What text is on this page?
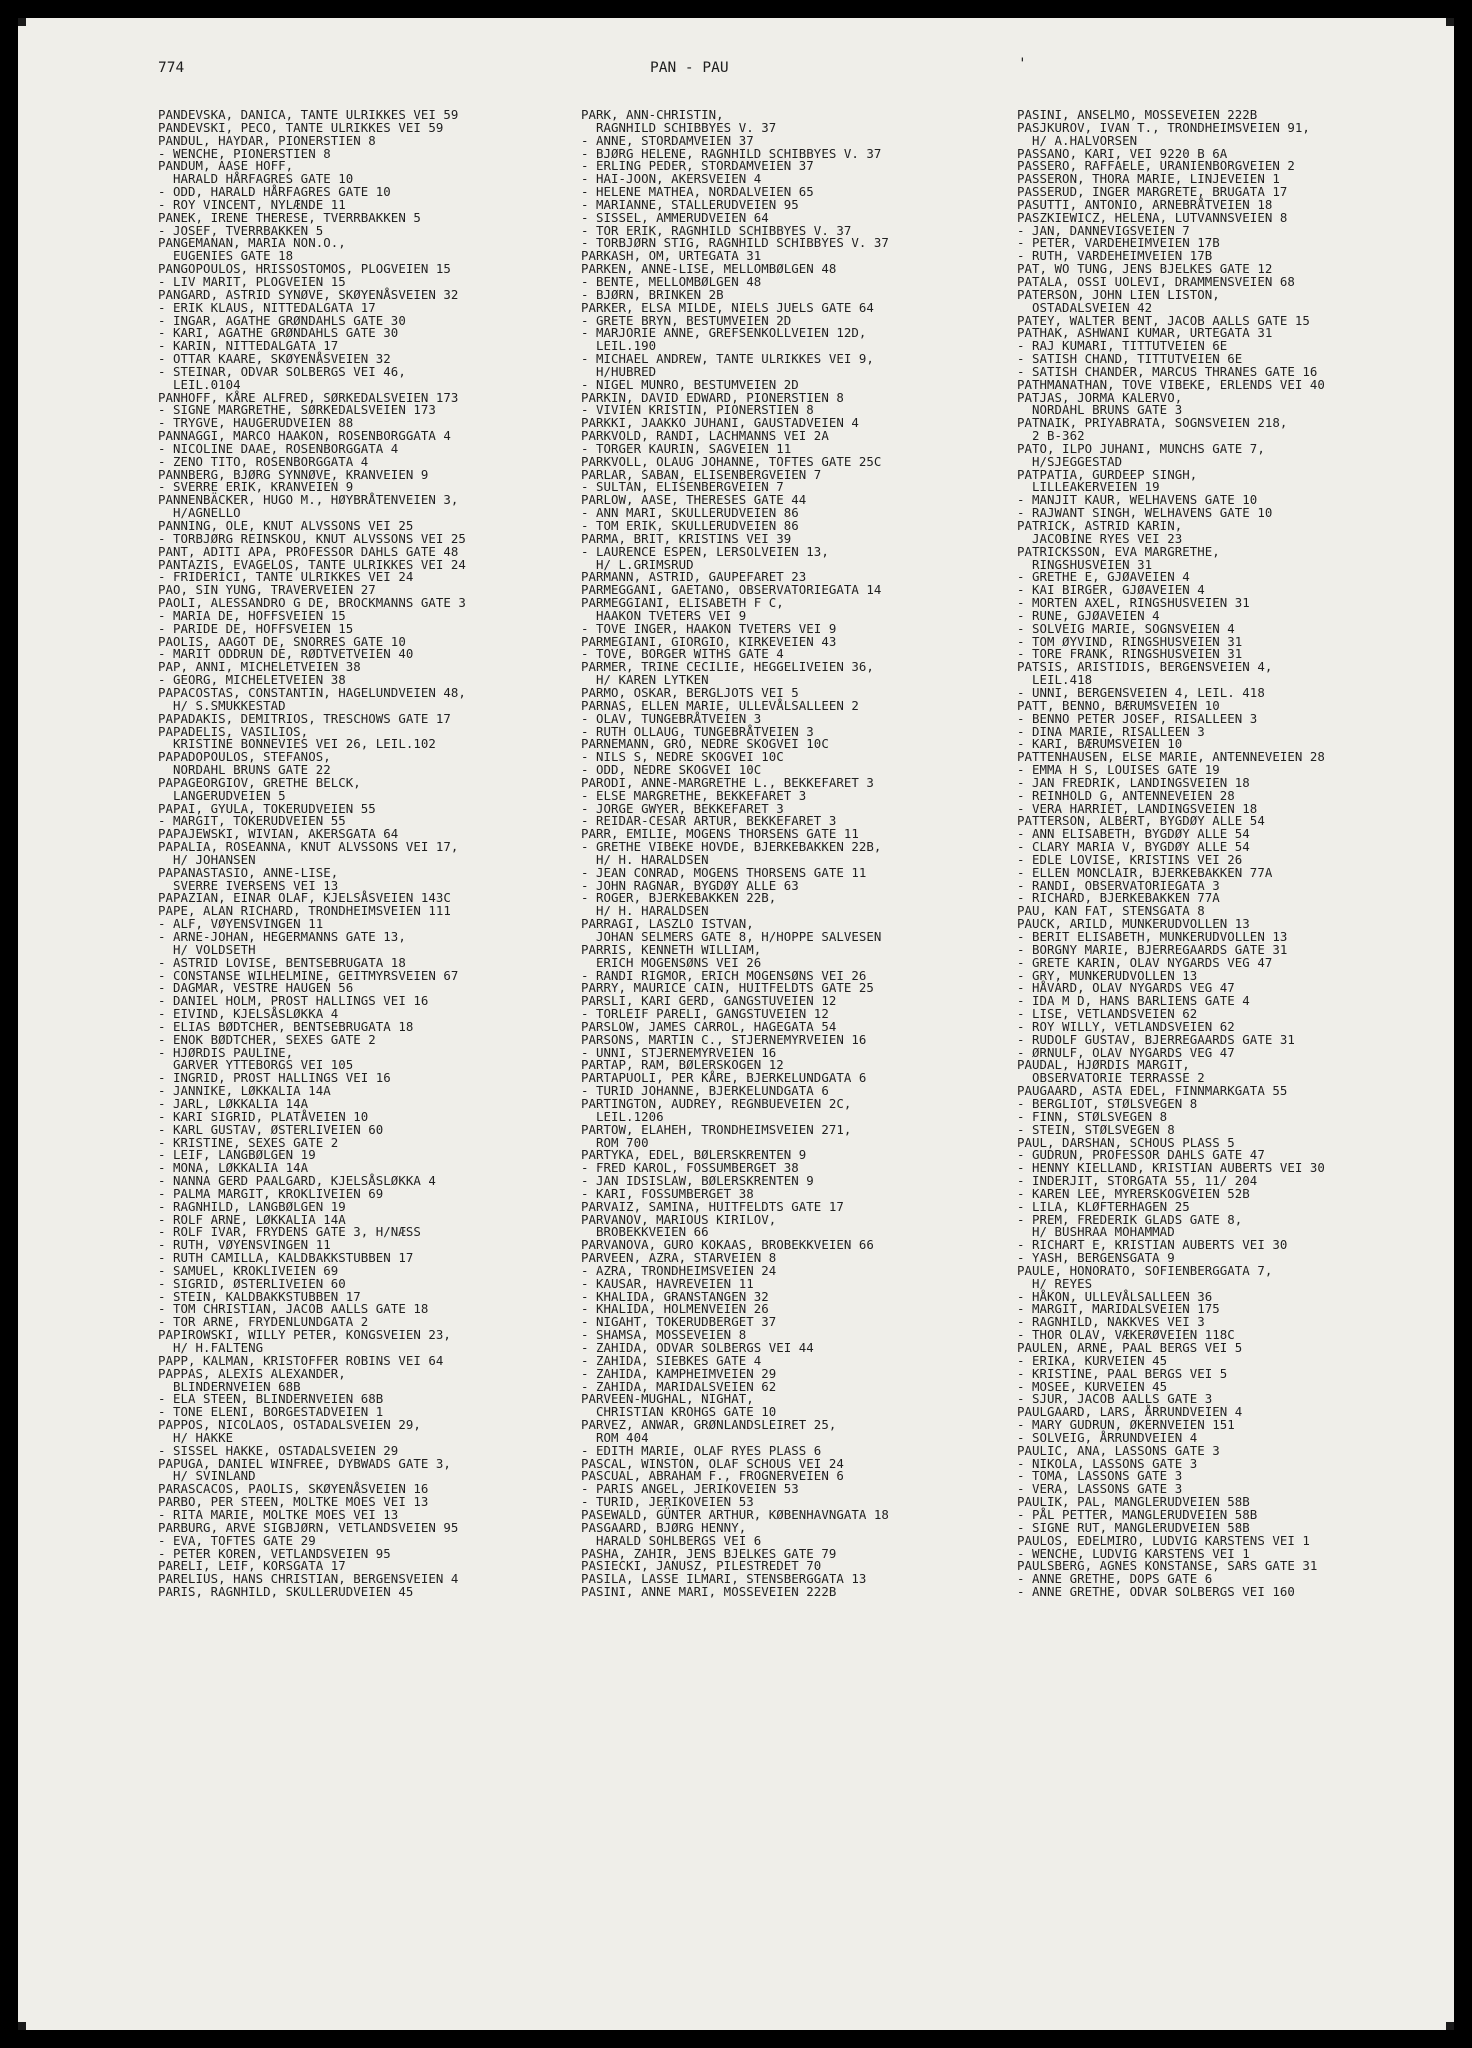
774	PAN - PAU	'
PANDEVSKA, DANICA, TANTE ULRIKKES VEI 59
PANDEVSKI, PECO, TANTE ULRIKKES VEI 59
PANDUL, HAYDAR, PIONERSTIEN 8
- WENCHE, PIONERSTIEN 8
PANDUM, AASE HOFF,
HARALD HÅRFAGRES GATE 10
- ODD, HARALD HÅRFAGRES GATE 10
- ROY VINCENT, NYLÆNDE 11
PANEK, IRENE THERESE, TVERRBAKKEN 5
- JOSEF, TVERRBAKKEN 5
PANGEMANAN, MARIA NON.O.,
EUGENIES GATE 18
PANGOPOULOS, HRISSOSTOMOS, PLOGVEIEN 15
- LIV MARIT, PLOGVEIEN 15
PANGARD, ASTRID SYNØVE, SKØYENÅSVEIEN 32
- ERIK KLAUS, NITTEDALGATA 17
- INGAR, AGATHE GRØNDAHLS GATE 30
- KARI, AGATHE GRØNDAHLS GATE 30
- KARIN, NITTEDALGATA 17
- OTTAR KAARE, SKØYENÅSVEIEN 32
- STEINAR, ODVAR SOLBERGS VEI 46,
LEIL.0104
PANHOFF, KÅRE ALFRED, SØRKEDALSVEIEN 173
- SIGNE MARGRETHE, SØRKEDALSVEIEN 173
- TRYGVE, HAUGERUDVEIEN 88
PANNAGGI, MARCO HAAKON, ROSENBORGGATA 4
- NICOLINE DAAE, ROSENBORGGATA 4
- ZENO TITO, ROSENBORGGATA 4
PANNBERG, BJØRG SYNNØVE, KRANVEIEN 9
- SVERRE ERIK, KRANVEIEN 9
PANNENBÄCKER, HUGO M., HØYBRÅTENVEIEN 3,
H/AGNELLO
PANNING, OLE, KNUT ALVSSONS VEI 25
- TORBJØRG REINSKOU, KNUT ALVSSONS VEI 25
PANT, ADITI APA, PROFESSOR DAHLS GATE 48
PANTAZIS, EVAGELOS, TANTE ULRIKKES VEI 24
- FRIDERICI, TANTE ULRIKKES VEI 24
PAO, SIN YUNG, TRAVERVEIEN 27
PAOLI, ALESSANDRO G DE, BROCKMANNS GATE 3
- MARIA DE, HOFFSVEIEN 15
- PARIDE DE, HOFFSVEIEN 15
PAOLIS, AAGOT DE, SNORRES GATE 10
- MARIT ODDRUN DE, RØDTVETVEIEN 40
PAP, ANNI, MICHELETVEIEN 38
- GEORG, MICHELETVEIEN 38
PAPACOSTAS, CONSTANTIN, HAGELUNDVEIEN 48,
H/ S.SMUKKESTAD
PAPADAKIS, DEMITRIOS, TRESCHOWS GATE 17
PAPADELIS, VASILIOS,
KRISTINE BONNEVIES VEI 26, LEIL.102
PAPADOPOULOS, STEFANOS,
NORDAHL BRUNS GATE 22
PAPAGEORGIOV, GRETHE BELCK,
LANGERUDVEIEN 5
PAPAI, GYULA, TOKERUDVEIEN 55
- MARGIT, TOKERUDVEIEN 55
PAPAJEWSKI, WIVIAN, AKERSGATA 64
PAPALIA, ROSEANNA, KNUT ALVSSONS VEI 17,
H/ JOHANSEN
PAPANASTASIO, ANNE-LISE,
SVERRE IVERSENS VEI 13
PAPAZIAN, EINAR OLAF, KJELSÅSVEIEN 143C
PAPE, ALAN RICHARD, TRONDHEIMSVEIEN 111
- ALF, VØYENSVINGEN 11
- ARNE-JOHAN, HEGERMANNS GATE 13,
H/ VOLDSETH
- ASTRID LOVISE, BENTSEBRUGATA 18
- CONSTANSE WILHELMINE, GEITMYRSVEIEN 67
- DAGMAR, VESTRE HAUGEN 56
- DANIEL HOLM, PROST HALLINGS VEI 16
- EIVIND, KJELSÅSLØKKA 4
- ELIAS BØDTCHER, BENTSEBRUGATA 18
- ENOK BØDTCHER, SEXES GATE 2
- HJØRDIS PAULINE,
GARVER YTTEBORGS VEI 105
- INGRID, PROST HALLINGS VEI 16
- JANNIKE, LØKKALIA 14A
- JARL, LØKKALIA 14A
- KARI SIGRID, PLATÅVEIEN 10
- KARL GUSTAV, ØSTERLIVEIEN 60
- KRISTINE, SEXES GATE 2
- LEIF, LANGBØLGEN 19
- MONA, LØKKALIA 14A
- NANNA GERD PAALGARD, KJELSÅSLØKKA 4
- PALMA MARGIT, KROKLIVEIEN 69
- RAGNHILD, LANGBØLGEN 19
- ROLF ARNE, LØKKALIA 14A
- ROLF IVAR, FRYDENS GATE 3, H/NÆSS
- RUTH, VØYENSVINGEN 11
- RUTH CAMILLA, KALDBAKKSTUBBEN 17
- SAMUEL, KROKLIVEIEN 69
- SIGRID, ØSTERLIVEIEN 60
- STEIN, KALDBAKKSTUBBEN 17
- TOM CHRISTIAN, JACOB AALLS GATE 18
- TOR ARNE, FRYDENLUNDGATA 2
PAPIROWSKI, WILLY PETER, KONGSVEIEN 23,
H/ H.FALTENG
PAPP, KALMAN, KRISTOFFER ROBINS VEI 64
PAPPAS, ALEXIS ALEXANDER,
BLINDERNVEIEN 68B
- ELA STEEN, BLINDERNVEIEN 68B
- TONE ELENI, BORGESTADVEIEN 1
PAPPOS, NICOLAOS, OSTADALSVEIEN 29,
H/ HAKKE
- SISSEL HAKKE, OSTADALSVEIEN 29
PAPUGA, DANIEL WINFREE, DYBWADS GATE 3,
H/ SVINLAND
PARASCACOS, PAOLIS, SKØYENÅSVEIEN 16
PARBO, PER STEEN, MOLTKE MOES VEI 13
- RITA MARIE, MOLTKE MOES VEI 13
PARBURG, ARVE SIGBJØRN, VETLANDSVEIEN 95
- EVA, TOFTES GATE 29
- PETER KOREN, VETLANDSVEIEN 95
PARELI, LEIF, KORSGATA 17
PARELIUS, HANS CHRISTIAN, BERGENSVEIEN 4
PARIS, RAGNHILD, SKULLERUDVEIEN 45
PARK, ANN-CHRISTIN,
RAGNHILD SCHIBBYES V. 37
- ANNE, STORDAMVEIEN 37
- BJØRG HELENE, RAGNHILD SCHIBBYES V. 37
- ERLING PEDER, STORDAMVEIEN 37
- HAI-JOON, AKERSVEIEN 4
- HELENE MATHEA, NORDALVEIEN 65
- MARIANNE, STALLERUDVEIEN 95
- SISSEL, AMMERUDVEIEN 64
- TOR ERIK, RAGNHILD SCHIBBYES V. 37
- TORBJØRN STIG, RAGNHILD SCHIBBYES V. 37
PARKASH, OM, URTEGATA 31
PARKEN, ANNE-LISE, MELLOMBØLGEN 48
- BENTE, MELLOMBØLGEN 48
- BJØRN, BRINKEN 2B
PARKER, ELSA MILDE, NIELS JUELS GATE 64
- GRETE BRYN, BESTUMVEIEN 2D
- MARJORIE ANNE, GREFSENKOLLVEIEN 12D,
LEIL.190
- MICHAEL ANDREW, TANTE ULRIKKES VEI 9,
H/HUBRED
- NIGEL MUNRO, BESTUMVEIEN 2D
PARKIN, DAVID EDWARD, PIONERSTIEN 8
- VIVIEN KRISTIN, PIONERSTIEN 8
PARKKI, JAAKKO JUHANI, GAUSTADVEIEN 4
PARKVOLD, RANDI, LACHMANNS VEI 2A
- TORGER KAURIN, SAGVEIEN 11
PARKVOLL, OLAUG JOHANNE, TOFTES GATE 25C
PARLAR, SABAN, ELISENBERGVEIEN 7
- SULTAN, ELISENBERGVEIEN 7
PARLOW, AASE, THERESES GATE 44
- ANN MARI, SKULLERUDVEIEN 86
- TOM ERIK, SKULLERUDVEIEN 86
PARMA, BRIT, KRISTINS VEI 39
- LAURENCE ESPEN, LERSOLVEIEN 13,
H/ L.GRIMSRUD
PARMANN, ASTRID, GAUPEFARET 23
PARMEGGANI, GAETANO, OBSERVATORIEGATA 14
PARMEGGIANI, ELISABETH F C,
HAAKON TVETERS VEI 9
- TOVE INGER, HAAKON TVETERS VEI 9
PARMEGIANI, GIORGIO, KIRKEVEIEN 43
- TOVE, BORGER WITHS GATE 4
PARMER, TRINE CECILIE, HEGGELIVEIEN 36,
H/ KAREN LYTKEN
PARMO, OSKAR, BERGLJOTS VEI 5
PARNAS, ELLEN MARIE, ULLEVÅLSALLEEN 2
- OLAV, TUNGEBRÅTVEIEN 3
- RUTH OLLAUG, TUNGEBRÅTVEIEN 3
PARNEMANN, GRO, NEDRE SKOGVEI 10C
- NILS S, NEDRE SKOGVEI 10C
- ODD, NEDRE SKOGVEI 10C
PARODI, ANNE-MARGRETHE L., BEKKEFARET 3
- ELSE MARGRETHE, BEKKEFARET 3
- JORGE GWYER, BEKKEFARET 3
- REIDAR-CESAR ARTUR, BEKKEFARET 3
PARR, EMILIE, MOGENS THORSENS GATE 11
- GRETHE VIBEKE HOVDE, BJERKEBAKKEN 22B,
H/ H. HARALDSEN
- JEAN CONRAD, MOGENS THORSENS GATE 11
- JOHN RAGNAR, BYGDØY ALLE 63
- ROGER, BJERKEBAKKEN 22B,
H/ H. HARALDSEN
PARRAGI, LASZLO ISTVAN,
JOHAN SELMERS GATE 8, H/HOPPE SALVESEN
PARRIS, KENNETH WILLIAM,
ERICH MOGENSØNS VEI 26
- RANDI RIGMOR, ERICH MOGENSØNS VEI 26
PARRY, MAURICE CAIN, HUITFELDTS GATE 25
PARSLI, KARI GERD, GANGSTUVEIEN 12
- TORLEIF PARELI, GANGSTUVEIEN 12
PARSLOW, JAMES CARROL, HAGEGATA 54
PARSONS, MARTIN C., STJERNEMYRVEIEN 16
- UNNI, STJERNEMYRVEIEN 16
PARTAP, RAM, BØLERSKOGEN 12
PARTAPUOLI, PER KÅRE, BJERKELUNDGATA 6
- TURID JOHANNE, BJERKELUNDGATA 6
PARTINGTON, AUDREY, REGNBUEVEIEN 2C,
LEIL.1206
PARTOW, ELAHEH, TRONDHEIMSVEIEN 271,
ROM 700
PARTYKA, EDEL, BØLERSKRENTEN 9
- FRED KAROL, FOSSUMBERGET 38
- JAN IDSISLAW, BØLERSKRENTEN 9
- KARI, FOSSUMBERGET 38
PARVAIZ, SAMINA, HUITFELDTS GATE 17
PARVANOV, MARIOUS KIRILOV,
BROBEKKVEIEN 66
PARVANOVA, GURO KOKAAS, BROBEKKVEIEN 66
PARVEEN, AZRA, STARVEIEN 8
- AZRA, TRONDHEIMSVEIEN 24
- KAUSAR, HAVREVEIEN 11
- KHALIDA, GRANSTANGEN 32
- KHALIDA, HOLMENVEIEN 26
- NIGAHT, TOKERUDBERGET 37
- SHAMSA, MOSSEVEIEN 8
- ZAHIDA, ODVAR SOLBERGS VEI 44
- ZAHIDA, SIEBKES GATE 4
- ZAHIDA, KAMPHEIMVEIEN 29
- ZAHIDA, MARIDALSVEIEN 62
PARVEEN-MUGHAL, NIGHAT,
CHRISTIAN KROHGS GATE 10
PARVEZ, ANWAR, GRØNLANDSLEIRET 25,
ROM 404
- EDITH MARIE, OLAF RYES PLASS 6
PASCAL, WINSTON, OLAF SCHOUS VEI 24
PASCUAL, ABRAHAM F., FROGNERVEIEN 6
- PARIS ANGEL, JERIKOVEIEN 53
- TURID, JERIKOVEIEN 53
PASEWALD, GÜNTER ARTHUR, KØBENHAVNGATA 18
PASGAARD, BJØRG HENNY,
HARALD SOHLBERGS VEI 6
PASHA, ZAHIR, JENS BJELKES GATE 79
PASIECKI, JANUSZ, PILESTREDET 70
PASILA, LASSE ILMARI, STENSBERGGATA 13
PASINI, ANNE MARI, MOSSEVEIEN 222B
PASINI, ANSELMO, MOSSEVEIEN 222B
PASJKUROV, IVAN T., TRONDHEIMSVEIEN 91,
H/ A.HALVORSEN
PASSANO, KARI, VEI 9220 B 6A
PASSERO, RAFFAELE, URANIENBORGVEIEN 2
PASSERON, THORA MARIE, LINJEVEIEN 1
PASSERUD, INGER MARGRETE, BRUGATA 17
PASUTTI, ANTONIO, ARNEBRÅTVEIEN 18
PASZKIEWICZ, HELENA, LUTVANNSVEIEN 8
- JAN, DANNEVIGSVEIEN 7
- PETER, VARDEHEIMVEIEN 17B
- RUTH, VARDEHEIMVEIEN 17B
PAT, WO TUNG, JENS BJELKES GATE 12
PATALA, OSSI UOLEVI, DRAMMENSVEIEN 68
PATERSON, JOHN LIEN LISTON,
OSTADALSVEIEN 42
PATEY, WALTER BENT, JACOB AALLS GATE 15
PATHAK, ASHWANI KUMAR, URTEGATA 31
- RAJ KUMARI, TITTUTVEIEN 6E
- SATISH CHAND, TITTUTVEIEN 6E
- SATISH CHANDER, MARCUS THRANES GATE 16
PATHMANATHAN, TOVE VIBEKE, ERLENDS VEI 40
PATJAS, JORMA KALERVO,
NORDAHL BRUNS GATE 3
PATNAIK, PRIYABRATA, SOGNSVEIEN 218,
2 B-362
PATO, ILPO JUHANI, MUNCHS GATE 7,
H/SJEGGESTAD
PATPATIA, GURDEEP SINGH,
LILLEAKERVEIEN 19
- MANJIT KAUR, WELHAVENS GATE 10
- RAJWANT SINGH, WELHAVENS GATE 10
PATRICK, ASTRID KARIN,
JACOBINE RYES VEI 23
PATRICKSSON, EVA MARGRETHE,
RINGSHUSVEIEN 31
- GRETHE E, GJØAVEIEN 4
- KAI BIRGER, GJØAVEIEN 4
- MORTEN AXEL, RINGSHUSVEIEN 31
- RUNE, GJØAVEIEN 4
- SOLVEIG MARIE, SOGNSVEIEN 4
- TOM ØYVIND, RINGSHUSVEIEN 31
- TORE FRANK, RINGSHUSVEIEN 31
PATSIS, ARISTIDIS, BERGENSVEIEN 4,
LEIL.418
- UNNI, BERGENSVEIEN 4, LEIL. 418
PATT, BENNO, BÆRUMSVEIEN 10
- BENNO PETER JOSEF, RISALLEEN 3
- DINA MARIE, RISALLEEN 3
- KARI, BÆRUMSVEIEN 10
PATTENHAUSEN, ELSE MARIE, ANTENNEVEIEN 28
- EMMA H S, LOUISES GATE 19
- JAN FREDRIK, LANDINGSVEIEN 18
- REINHOLD G, ANTENNEVEIEN 28
- VERA HARRIET, LANDINGSVEIEN 18
PATTERSON, ALBERT, BYGDØY ALLE 54
- ANN ELISABETH, BYGDØY ALLE 54
- CLARY MARIA V, BYGDØY ALLE 54
- EDLE LOVISE, KRISTINS VEI 26
- ELLEN MONCLAIR, BJERKEBAKKEN 77A
- RANDI, OBSERVATORIEGATA 3
- RICHARD, BJERKEBAKKEN 77A
PAU, KAN FAT, STENSGATA 8
PAUCK, ARILD, MUNKERUDVOLLEN 13
- BERIT ELISABETH, MUNKERUDVOLLEN 13
- BORGNY MARIE, BJERREGAARDS GATE 31
- GRETE KARIN, OLAV NYGARDS VEG 47
- GRY, MUNKERUDVOLLEN 13
- HÅVARD, OLAV NYGARDS VEG 47
- IDA M D, HANS BARLIENS GATE 4
- LISE, VETLANDSVEIEN 62
- ROY WILLY, VETLANDSVEIEN 62
- RUDOLF GUSTAV, BJERREGAARDS GATE 31
- ØRNULF, OLAV NYGARDS VEG 47
PAUDAL, HJØRDIS MARGIT,
OBSERVATORIE TERRASSE 2
PAUGAARD, ASTA EDEL, FINNMARKGATA 55
- BERGLIOT, STØLSVEGEN 8
- FINN, STØLSVEGEN 8
- STEIN, STØLSVEGEN 8
PAUL, DARSHAN, SCHOUS PLASS 5
- GUDRUN, PROFESSOR DAHLS GATE 47
- HENNY KIELLAND, KRISTIAN AUBERTS VEI 30
- INDERJIT, STORGATA 55, 11/ 204
- KAREN LEE, MYRERSKOGVEIEN 52B
- LILA, KLØFTERHAGEN 25
- PREM, FREDERIK GLADS GATE 8,
H/ BUSHRAA MOHAMMAD
- RICHART E, KRISTIAN AUBERTS VEI 30
- YASH, BERGENSGATA 9
PAULE, HONORATO, SOFIENBERGGATA 7,
H/ REYES
- HÅKON, ULLEVÅLSALLEEN 36
- MARGIT, MARIDALSVEIEN 175
- RAGNHILD, NAKKVES VEI 3
- THOR OLAV, VÆKERØVEIEN 118C
PAULEN, ARNE, PAAL BERGS VEI 5
- ERIKA, KURVEIEN 45
- KRISTINE, PAAL BERGS VEI 5
- MOSEE, KURVEIEN 45
- SJUR, JACOB AALLS GATE 3
PAULGAARD, LARS, ÅRRUNDVEIEN 4
- MARY GUDRUN, ØKERNVEIEN 151
- SOLVEIG, ÅRRUNDVEIEN 4
PAULIC, ANA, LASSONS GATE 3
- NIKOLA, LASSONS GATE 3
- TOMA, LASSONS GATE 3
- VERA, LASSONS GATE 3
PAULIK, PAL, MANGLERUDVEIEN 58B
- PÅL PETTER, MANGLERUDVEIEN 58B
- SIGNE RUT, MANGLERUDVEIEN 58B
PAULOS, EDELMIRO, LUDVIG KARSTENS VEI 1
- WENCHE, LUDVIG KARSTENS VEI 1
PAULSBERG, AGNES KONSTANSE, SARS GATE 31
- ANNE GRETHE, DOPS GATE 6
- ANNE GRETHE, ODVAR SOLBERGS VEI 160
